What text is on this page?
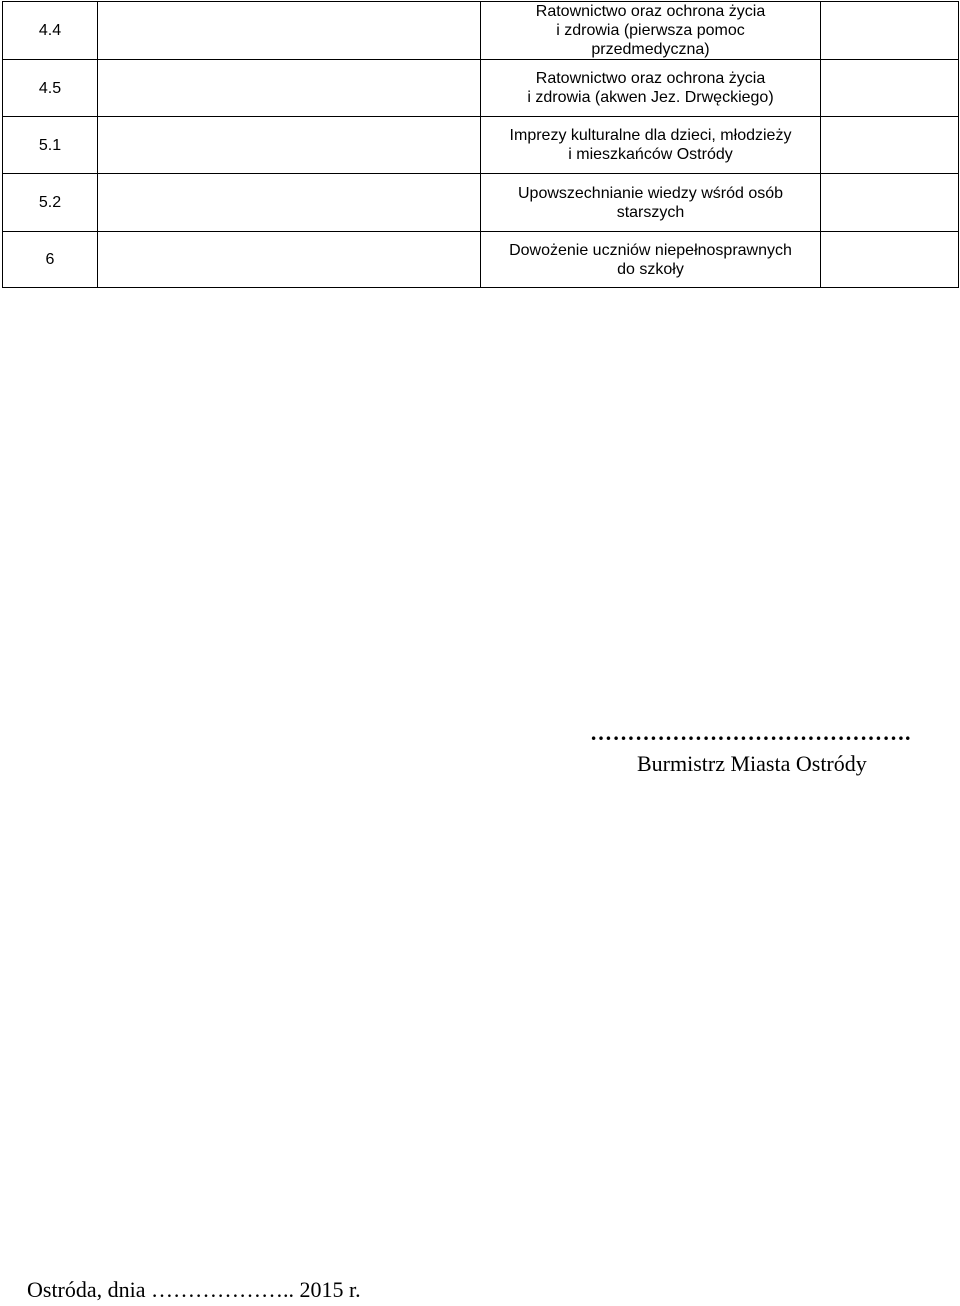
4.4		Ratownictwo oraz ochrona życia
i zdrowia (pierwsza pomoc
przedmedyczna)	

4.5		Ratownictwo oraz ochrona życia
i zdrowia (akwen Jez. Drwęckiego)	

5.1		Imprezy kulturalne dla dzieci, młodzieży
i mieszkańców Ostródy	

5.2		Upowszechnianie wiedzy wśród osób
starszych	

6		Dowożenie uczniów niepełnosprawnych
do szkoły	

…………………………………….
Burmistrz Miasta Ostródy
Ostróda, dnia ……………….. 2015 r.
